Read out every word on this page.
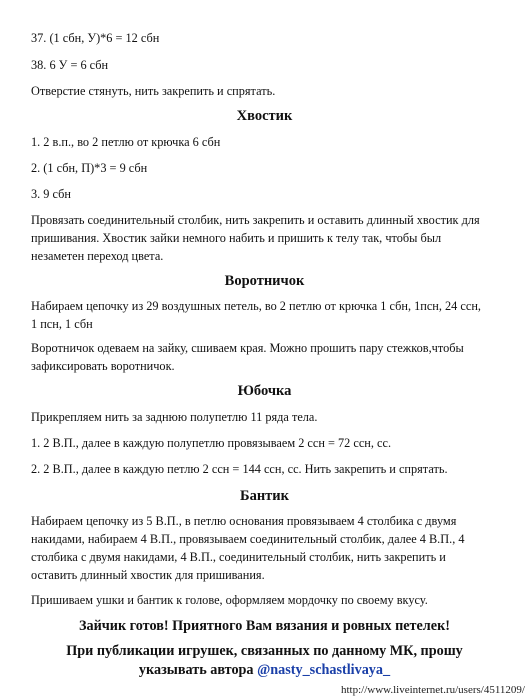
37. (1 сбн, У)*6 = 12 сбн

38. 6 У = 6 сбн

Отверстие стянуть, нить закрепить и спрятать.

Хвостик

1. 2 в.п., во 2 петлю от крючка 6 сбн

2. (1 сбн, П)*3 = 9 сбн

3. 9 сбн

Провязать соединительный столбик, нить закрепить и оставить длинный хвостик для

пришивания. Хвостик зайки немного набить и пришить к телу так, чтобы был

незаметен переход цвета.

Воротничок

Набираем цепочку из 29 воздушных петель, во 2 петлю от крючка 1 сбн, 1псн, 24 ссн,

1 псн, 1 сбн

Воротничок одеваем на зайку, сшиваем края. Можно прошить пару стежков,чтобы

зафиксировать воротничок.

Юбочка

Прикрепляем нить за заднюю полупетлю 11 ряда тела.

1. 2 В.П., далее в каждую полупетлю провязываем 2 ссн = 72 ссн, сс.

2. 2 В.П., далее в каждую петлю 2 ссн = 144 ссн, сс. Нить закрепить и спрятать.

Бантик

Набираем цепочку из 5 В.П., в петлю основания провязываем 4 столбика с двумя

накидами, набираем 4 В.П., провязываем соединительный столбик, далее 4 В.П., 4

столбика с двумя накидами, 4 В.П., соединительный столбик, нить закрепить и

оставить длинный хвостик для пришивания.

Пришиваем ушки и бантик к голове, оформляем мордочку по своему вкусу.

Зайчик готов! Приятного Вам вязания и ровных петелек!

При публикации игрушек, связанных по данному МК, прошу

указывать автора @nasty_schastlivaya_

http://www.liveinternet.ru/users/4511209/
